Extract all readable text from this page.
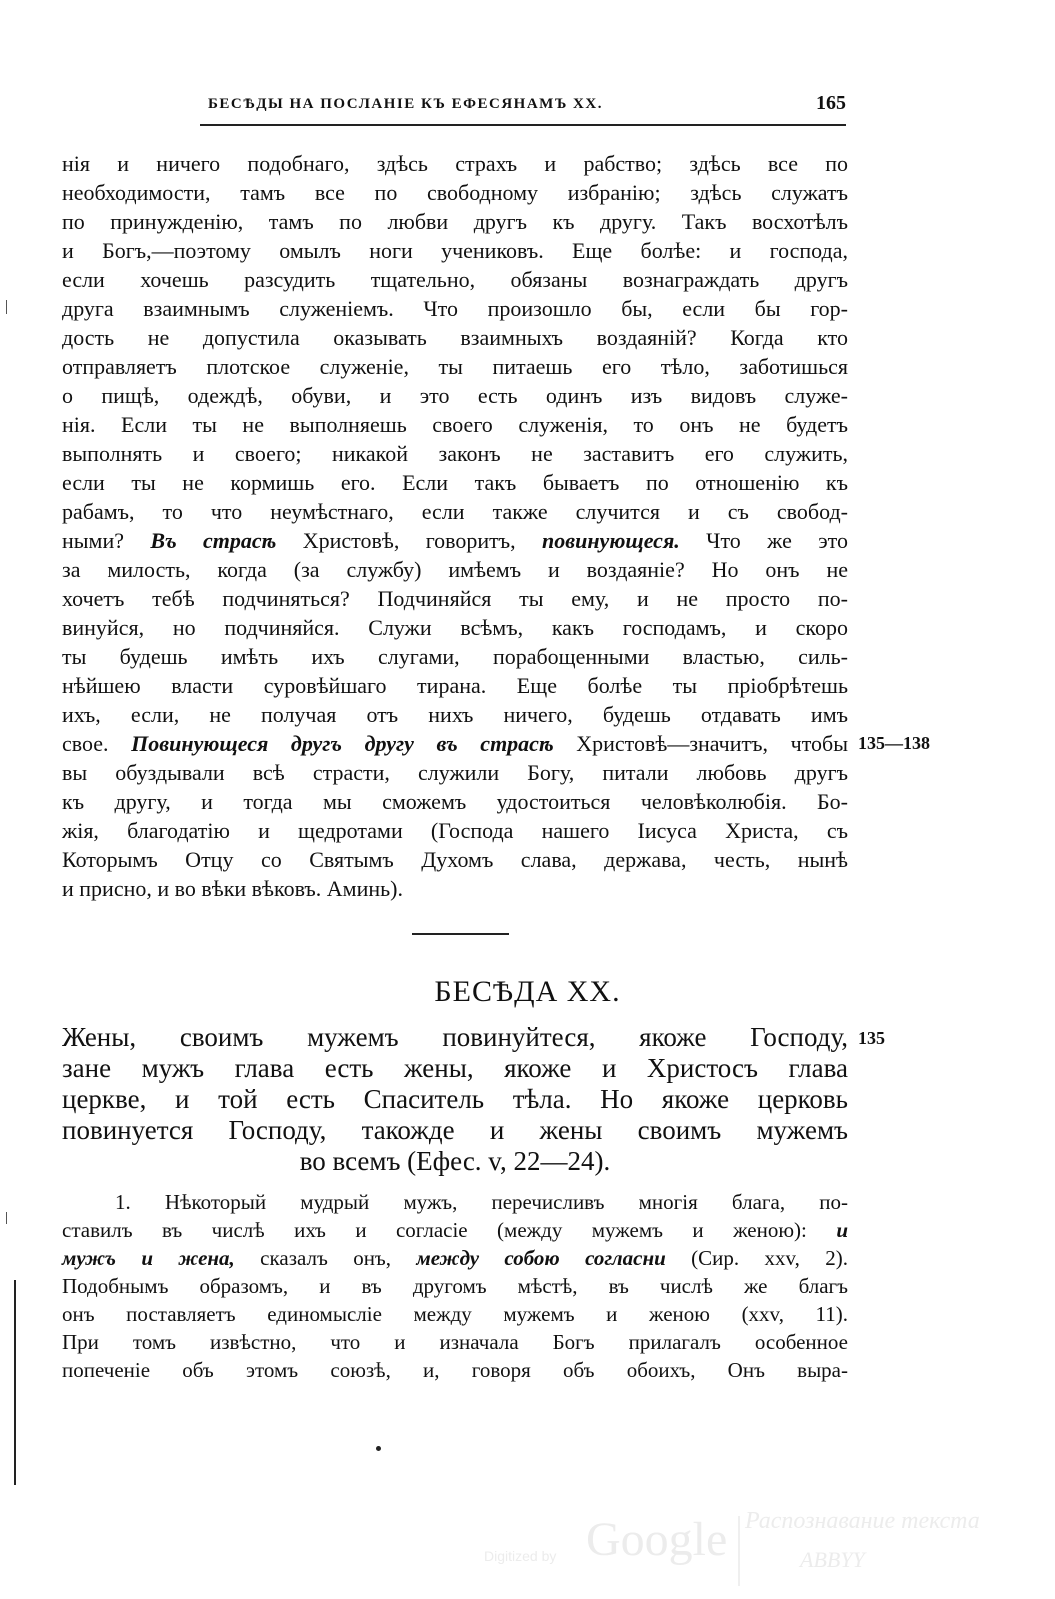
БЕСѢДЫ НА ПОСЛАНІЕ КЪ ЕФЕСЯНАМЪ XX.	165
нія и ничего подобнаго, здѣсь страхъ и рабство; здѣсь все по
необходимости, тамъ все по свободному избранію; здѣсь служатъ
по принужденію, тамъ по любви другъ къ другу. Такъ восхотѣлъ
и Богъ,—поэтому омылъ ноги учениковъ. Еще болѣе: и господа,
если хочешь разсудить тщательно, обязаны вознаграждать другъ
друга взаимнымъ служеніемъ. Что произошло бы, если бы гор-
дость не допустила оказывать взаимныхъ воздаяній? Когда кто
отправляетъ плотское служеніе, ты питаешь его тѣло, заботишься
о пищѣ, одеждѣ, обуви, и это есть одинъ изъ видовъ служе-
нія. Если ты не выполняешь своего служенія, то онъ не будетъ
выполнять и своего; никакой законъ не заставитъ его служить,
если ты не кормишь его. Если такъ бываетъ по отношенію къ
рабамъ, то что неумѣстнаго, если также случится и съ свобод-
ными? Въ страсѣ Христовѣ, говоритъ, повинующеся. Что же это
за милость, когда (за службу) имѣемъ и воздаяніе? Но онъ не
хочетъ тебѣ подчиняться? Подчиняйся ты ему, и не просто по-
винуйся, но подчиняйся. Служи всѣмъ, какъ господамъ, и скоро
ты будешь имѣть ихъ слугами, порабощенными властью, силь-
нѣйшею власти суровѣйшаго тирана. Еще болѣе ты пріобрѣтешь
ихъ, если, не получая отъ нихъ ничего, будешь отдавать имъ
свое. Повинующеся другъ другу въ страсѣ Христовѣ—значитъ, чтобы 135—138
вы обуздывали всѣ страсти, служили Богу, питали любовь другъ
къ другу, и тогда мы сможемъ удостоиться человѣколюбія. Бо-
жія, благодатію и щедротами (Господа нашего Іисуса Христа, съ
Которымъ Отцу со Святымъ Духомъ слава, держава, честь, нынѣ
и присно, и во вѣки вѣковъ. Аминь).
БЕСѢДА XX.
Жены, своимъ мужемъ повинуйтеся, якоже Господу, 135
зане мужъ глава есть жены, якоже и Христосъ глава
церкве, и той есть Спаситель тѣла. Но якоже церковь
повинуется Господу, такожде и жены своимъ мужемъ
во всемъ (Ефес. v, 22—24).
1. Нѣкоторый мудрый мужъ, перечисливъ многія блага, по-
ставилъ въ числѣ ихъ и согласіе (между мужемъ и женою): и
мужъ и жена, сказалъ онъ, между собою согласни (Сир. xxv, 2).
Подобнымъ образомъ, и въ другомъ мѣстѣ, въ числѣ же благъ
онъ поставляетъ единомысліе между мужемъ и женою (xxv, 11).
При томъ извѣстно, что и изначала Богъ прилагалъ особенное
попеченіе объ этомъ союзѣ, и, говоря объ обоихъ, Онъ выра-
Digitized by Google Распознавание текста
ABBYY
